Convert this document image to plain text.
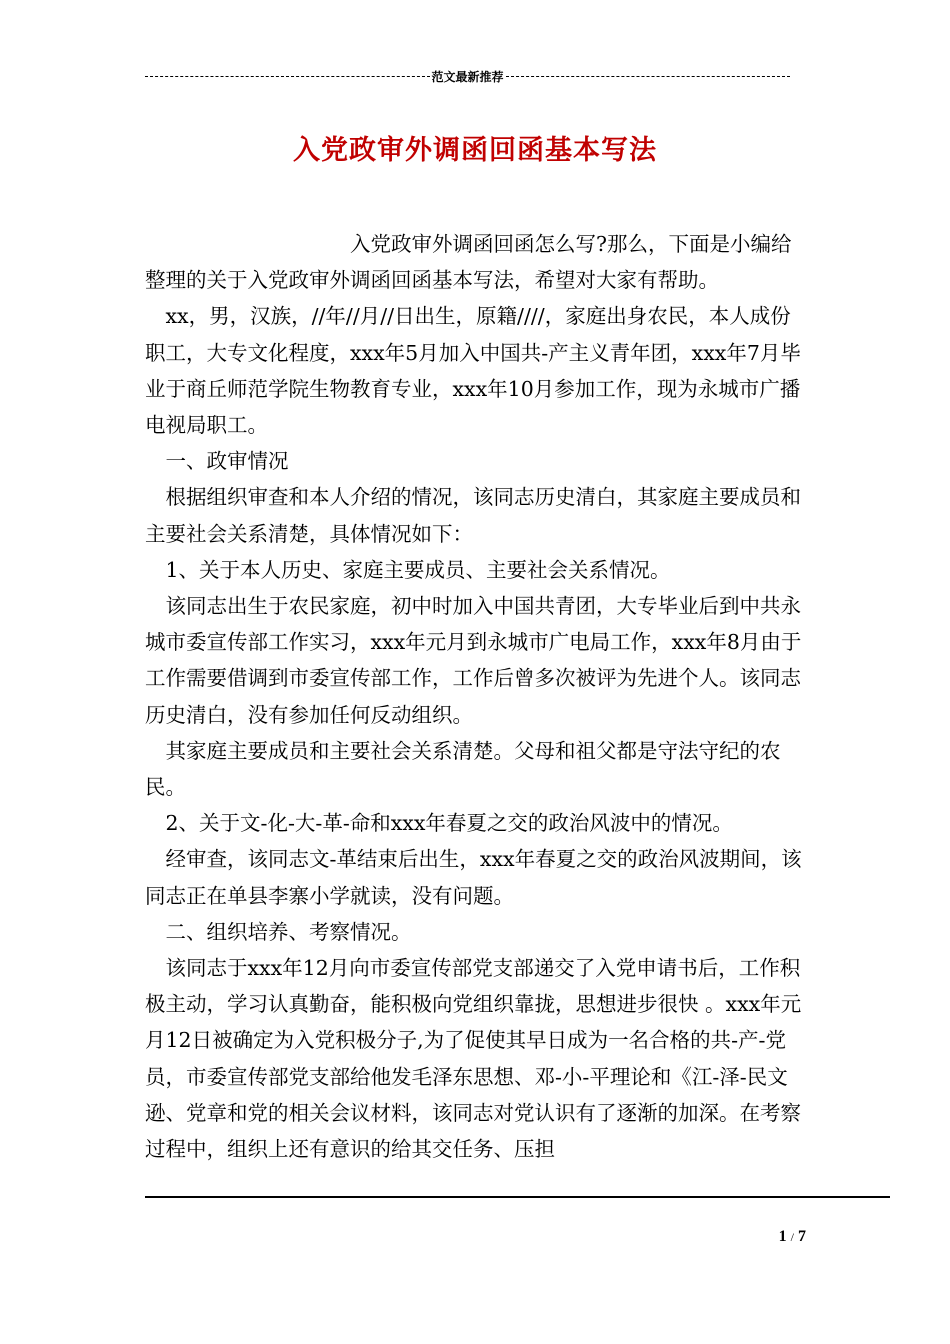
范文最新推荐
入党政审外调函回函基本写法

入党政审外调函回函怎么写?那么，下面是小编给整理的关于入党政审外调函回函基本写法，希望对大家有帮助。

xx，男，汉族，//年//月//日出生，原籍////，家庭出身农民，本人成份职工，大专文化程度，xxx年5月加入中国共-产主义青年团，xxx年7月毕业于商丘师范学院生物教育专业，xxx年10月参加工作，现为永城市广播电视局职工。

一、政审情况

根据组织审查和本人介绍的情况，该同志历史清白，其家庭主要成员和主要社会关系清楚，具体情况如下：

1、关于本人历史、家庭主要成员、主要社会关系情况。

该同志出生于农民家庭，初中时加入中国共青团，大专毕业后到中共永城市委宣传部工作实习，xxx年元月到永城市广电局工作，xxx年8月由于工作需要借调到市委宣传部工作，工作后曾多次被评为先进个人。该同志历史清白，没有参加任何反动组织。

其家庭主要成员和主要社会关系清楚。父母和祖父都是守法守纪的农民。

2、关于文-化-大-革-命和xxx年春夏之交的政治风波中的情况。

经审查，该同志文-革结束后出生，xxx年春夏之交的政治风波期间，该同志正在单县李寨小学就读，没有问题。

二、组织培养、考察情况。

该同志于xxx年12月向市委宣传部党支部递交了入党申请书后，工作积极主动，学习认真勤奋，能积极向党组织靠拢，思想进步很快 。xxx年元月12日被确定为入党积极分子,为了促使其早日成为一名合格的共-产-党员，市委宣传部党支部给他发毛泽东思想、邓-小-平理论和《江-泽-民文逊、党章和党的相关会议材料，该同志对党认识有了逐渐的加深。在考察过程中，组织上还有意识的给其交任务、压担

1 / 7
